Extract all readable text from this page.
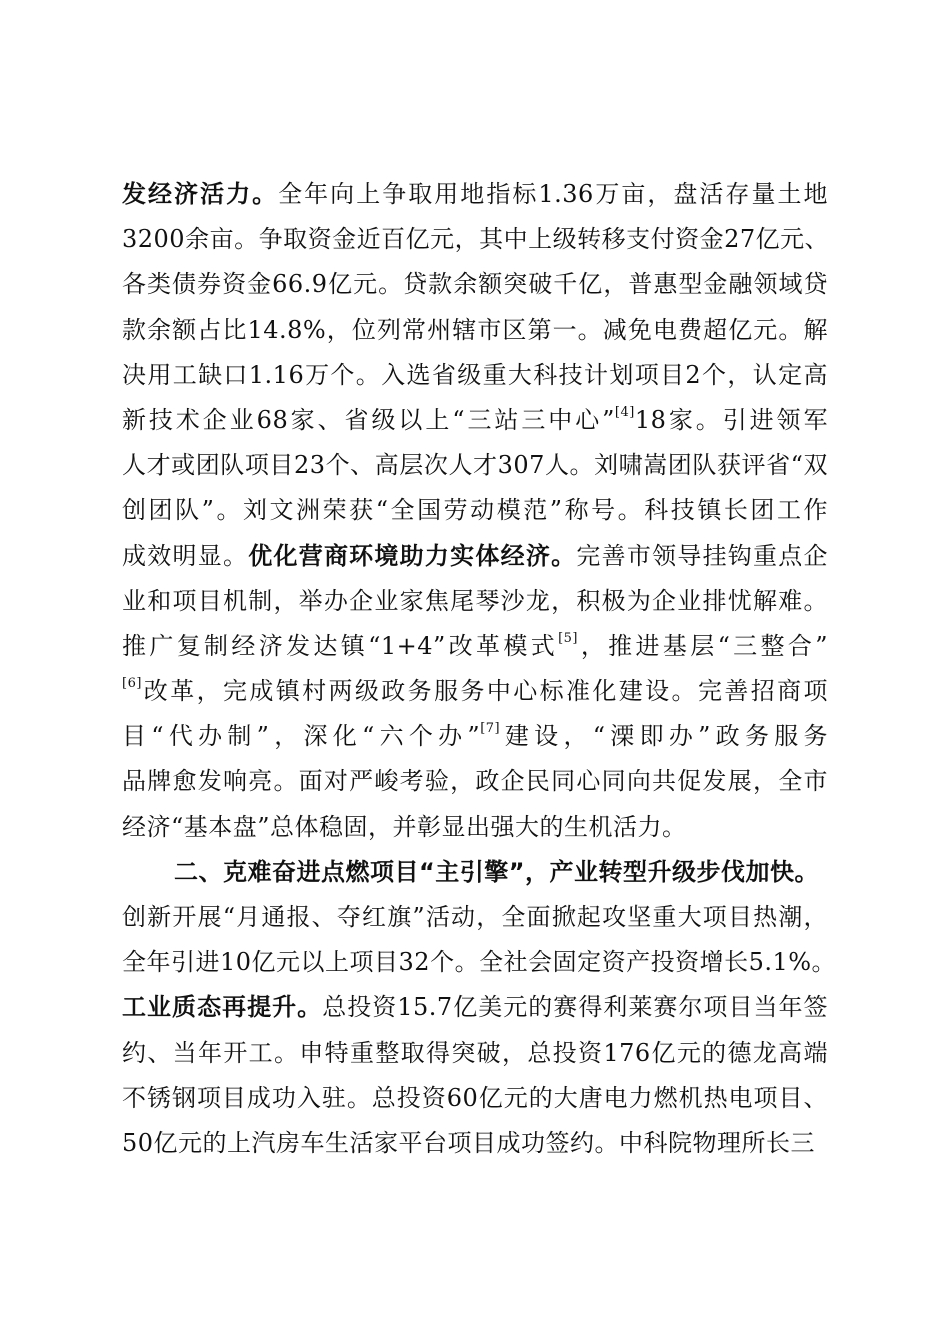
发经济活力。全年向上争取用地指标1.36万亩，盘活存量土地
3200余亩。争取资金近百亿元，其中上级转移支付资金27亿元、
各类债券资金66.9亿元。贷款余额突破千亿，普惠型金融领域贷
款余额占比14.8%，位列常州辖市区第一。减免电费超亿元。解
决用工缺口1.16万个。入选省级重大科技计划项目2个，认定高
新技术企业68家、省级以上“三站三中心”[4]18家。引进领军
人才或团队项目23个、高层次人才307人。刘啸嵩团队获评省“双
创团队”。刘文洲荣获“全国劳动模范”称号。科技镇长团工作
成效明显。优化营商环境助力实体经济。完善市领导挂钩重点企
业和项目机制，举办企业家焦尾琴沙龙，积极为企业排忧解难。
推广复制经济发达镇“1+4”改革模式[5]，推进基层“三整合”
[6]改革，完成镇村两级政务服务中心标准化建设。完善招商项
目“代办制”，深化“六个办”[7]建设，“溧即办”政务服务
品牌愈发响亮。面对严峻考验，政企民同心同向共促发展，全市
经济“基本盘”总体稳固，并彰显出强大的生机活力。
二、克难奋进点燃项目“主引擎”，产业转型升级步伐加快。
创新开展“月通报、夺红旗”活动，全面掀起攻坚重大项目热潮，
全年引进10亿元以上项目32个。全社会固定资产投资增长5.1%。
工业质态再提升。总投资15.7亿美元的赛得利莱赛尔项目当年签
约、当年开工。申特重整取得突破，总投资176亿元的德龙高端
不锈钢项目成功入驻。总投资60亿元的大唐电力燃机热电项目、
50亿元的上汽房车生活家平台项目成功签约。中科院物理所长三
